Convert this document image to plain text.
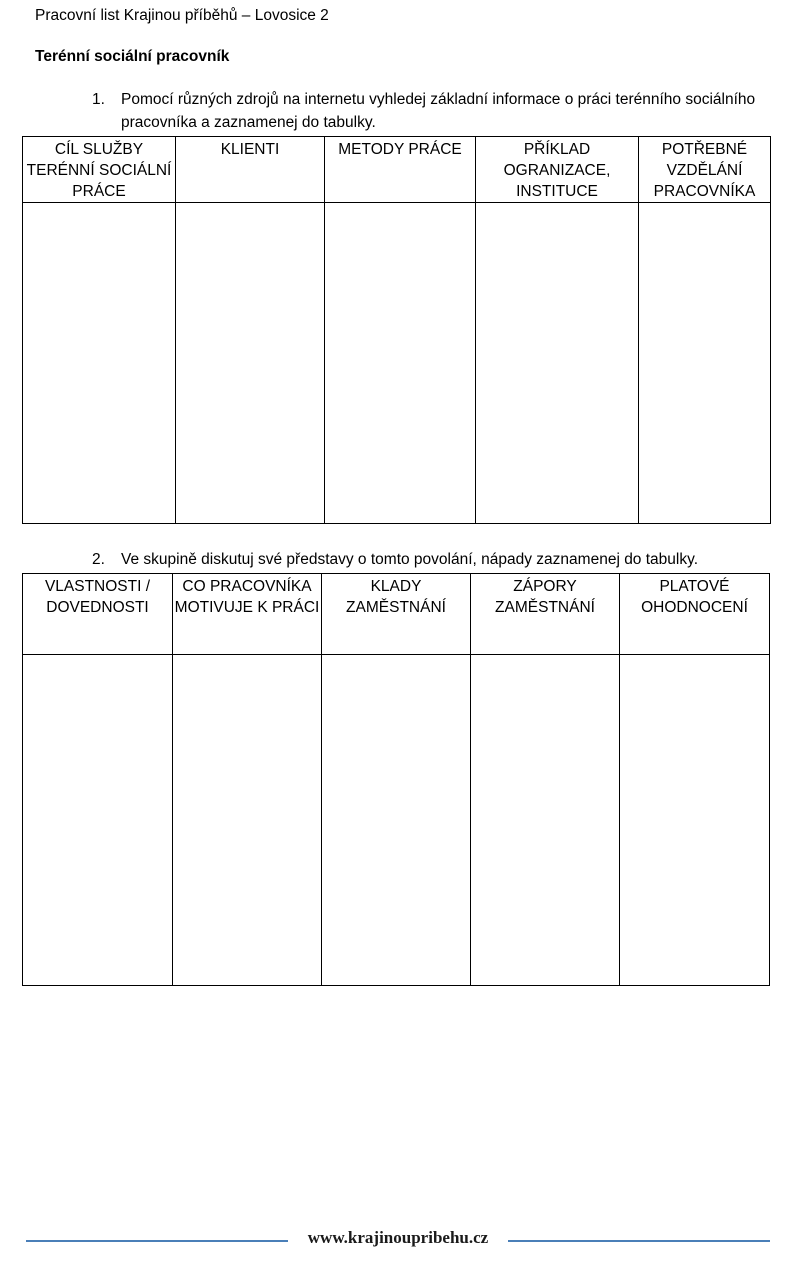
Pracovní list Krajinou příběhů – Lovosice 2
Terénní sociální pracovník
1. Pomocí různých zdrojů na internetu vyhledej základní informace o práci terénního sociálního pracovníka a zaznamenej do tabulky.
CÍL SLUŽBY TERÉNNÍ SOCIÁLNÍ PRÁCE	KLIENTI	METODY PRÁCE	PŘÍKLAD OGRANIZACE, INSTITUCE	POTŘEBNÉ VZDĚLÁNÍ PRACOVNÍKA

2. Ve skupině diskutuj své představy o tomto povolání, nápady zaznamenej do tabulky.
VLASTNOSTI / DOVEDNOSTI	CO PRACOVNÍKA MOTIVUJE K PRÁCI	KLADY ZAMĚSTNÁNÍ	ZÁPORY ZAMĚSTNÁNÍ	PLATOVÉ OHODNOCENÍ

www.krajinoupribehu.cz
